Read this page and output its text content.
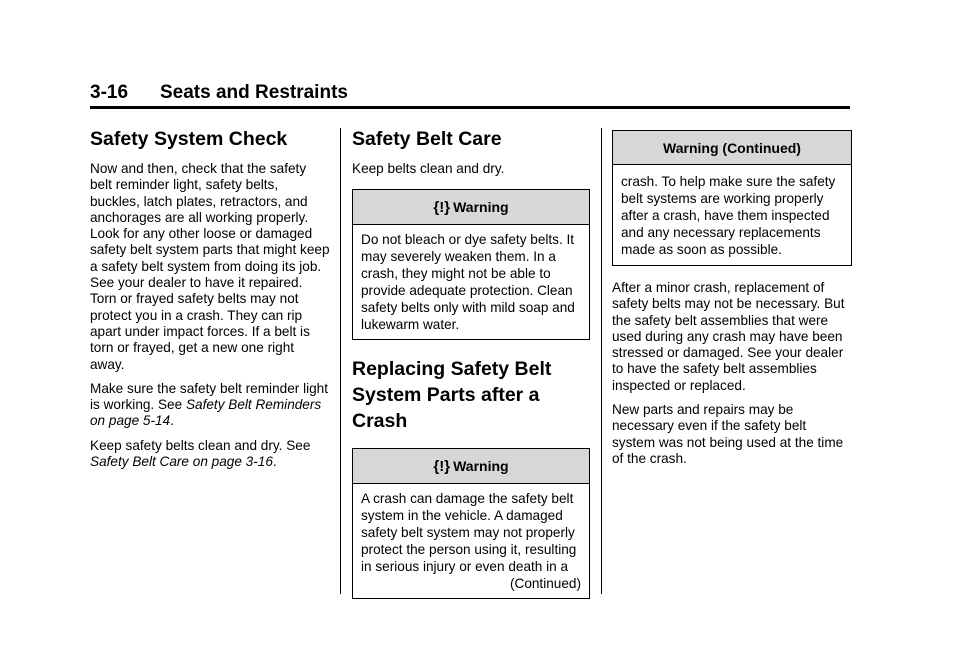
3-16 Seats and Restraints
Safety System Check

Now and then, check that the safety belt reminder light, safety belts, buckles, latch plates, retractors, and anchorages are all working properly. Look for any other loose or damaged safety belt system parts that might keep a safety belt system from doing its job. See your dealer to have it repaired. Torn or frayed safety belts may not protect you in a crash. They can rip apart under impact forces. If a belt is torn or frayed, get a new one right away.

Make sure the safety belt reminder light is working. See Safety Belt Reminders on page 5-14.

Keep safety belts clean and dry. See Safety Belt Care on page 3-16.

Safety Belt Care

Keep belts clean and dry.

{!} Warning

Do not bleach or dye safety belts. It may severely weaken them. In a crash, they might not be able to provide adequate protection. Clean safety belts only with mild soap and lukewarm water.

Replacing Safety Belt
System Parts after a
Crash
{!} Warning

A crash can damage the safety belt system in the vehicle. A damaged safety belt system may not properly protect the person using it, resulting in serious injury or even death in a

(Continued)

Warning (Continued)

crash. To help make sure the safety belt systems are working properly after a crash, have them inspected and any necessary replacements made as soon as possible.

After a minor crash, replacement of safety belts may not be necessary. But the safety belt assemblies that were used during any crash may have been stressed or damaged. See your dealer to have the safety belt assemblies inspected or replaced.

New parts and repairs may be necessary even if the safety belt system was not being used at the time of the crash.
